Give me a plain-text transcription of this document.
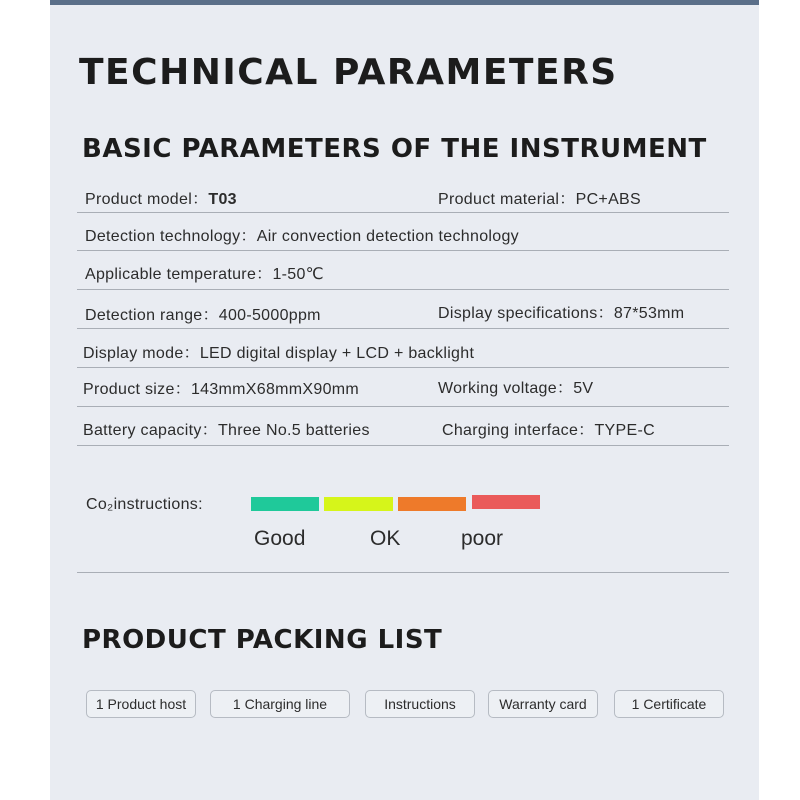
TECHNICAL PARAMETERS
BASIC PARAMETERS OF THE INSTRUMENT
Product model：T03	Product material：PC+ABS
Detection technology：Air convection detection technology
Applicable temperature：1-50℃
Detection range：400-5000ppm	Display specifications：87*53mm
Display mode：LED digital display + LCD + backlight
Product size：143mmX68mmX90mm	Working voltage：5V
Battery capacity：Three No.5 batteries	Charging interface：TYPE-C
Co₂instructions:
Good	OK	poor
PRODUCT PACKING LIST
1 Product host	1 Charging line	Instructions	Warranty card	1 Certificate
